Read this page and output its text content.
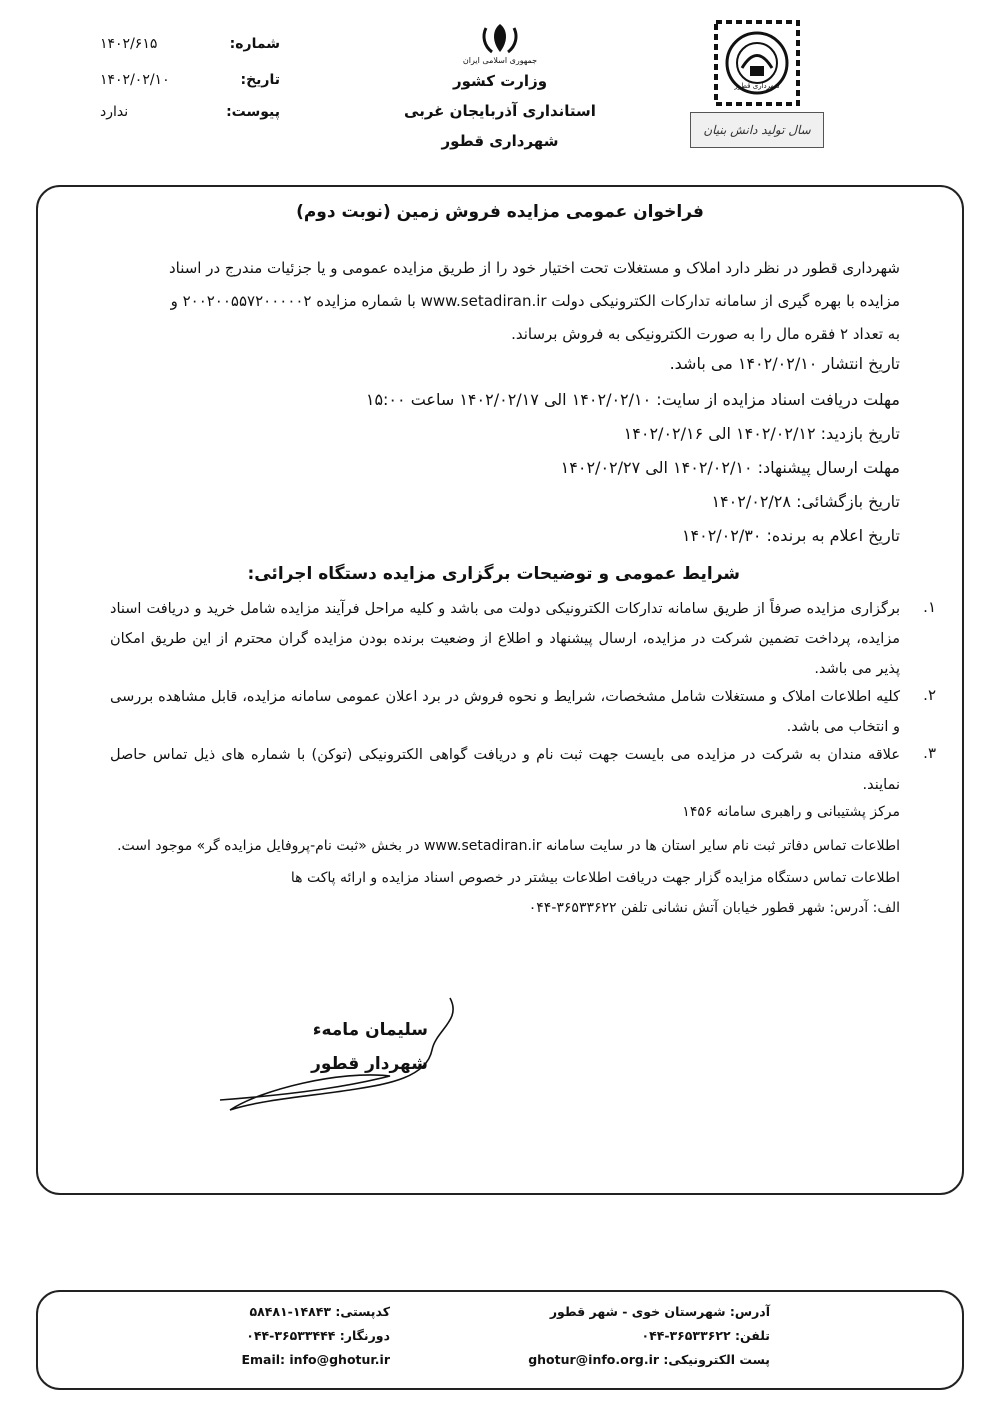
شهرداری قطور
سال تولید دانش بنیان
جمهوری اسلامی ایران
وزارت کشور
استانداری آذربایجان غربی
شهرداری قطور
شماره:
۱۴۰۲/۶۱۵
تاریخ:
۱۴۰۲/۰۲/۱۰
پیوست:
ندارد
فراخوان عمومی مزایده فروش زمین (نوبت دوم)
شهرداری قطور در نظر دارد املاک و مستغلات تحت اختیار خود را از طریق مزایده عمومی و یا جزئیات مندرج در اسناد
مزایده با بهره گیری از سامانه تدارکات الکترونیکی دولت www.setadiran.ir با شماره مزایده ۲۰۰۲۰۰۵۵۷۲۰۰۰۰۰۲ و
به تعداد ۲ فقره مال را به صورت الکترونیکی به فروش برساند.
تاریخ انتشار ۱۴۰۲/۰۲/۱۰ می باشد.
مهلت دریافت اسناد مزایده از سایت: ۱۴۰۲/۰۲/۱۰ الی ۱۴۰۲/۰۲/۱۷ ساعت ۱۵:۰۰
تاریخ بازدید: ۱۴۰۲/۰۲/۱۲ الی ۱۴۰۲/۰۲/۱۶
مهلت ارسال پیشنهاد: ۱۴۰۲/۰۲/۱۰ الی ۱۴۰۲/۰۲/۲۷
تاریخ بازگشائی: ۱۴۰۲/۰۲/۲۸
تاریخ اعلام به برنده: ۱۴۰۲/۰۲/۳۰
شرایط عمومی و توضیحات برگزاری مزایده دستگاه اجرائی:
۱.
برگزاری مزایده صرفاً از طریق سامانه تدارکات الکترونیکی دولت می باشد و کلیه مراحل فرآیند مزایده شامل خرید و دریافت اسناد مزایده، پرداخت تضمین شرکت در مزایده، ارسال پیشنهاد و اطلاع از وضعیت برنده بودن مزایده گران محترم از این طریق امکان پذیر می باشد.
۲.
کلیه اطلاعات املاک و مستغلات شامل مشخصات، شرایط و نحوه فروش در برد اعلان عمومی سامانه مزایده، قابل مشاهده بررسی و انتخاب می باشد.
۳.
علاقه مندان به شرکت در مزایده می بایست جهت ثبت نام و دریافت گواهی الکترونیکی (توکن) با شماره های ذیل تماس حاصل نمایند.
مرکز پشتیبانی و راهبری سامانه ۱۴۵۶
اطلاعات تماس دفاتر ثبت نام سایر استان ها در سایت سامانه www.setadiran.ir در بخش «ثبت نام-پروفایل مزایده گر» موجود است.
اطلاعات تماس دستگاه مزایده گزار جهت دریافت اطلاعات بیشتر در خصوص اسناد مزایده و ارائه پاکت ها
الف: آدرس: شهر قطور خیابان آتش نشانی تلفن ۳۶۵۳۳۶۲۲-۰۴۴
سلیمان مامه‌ء
شهردار قطور
آدرس: شهرستان خوی - شهر قطور
تلفن: ۳۶۵۳۳۶۲۲-۰۴۴
پست الکترونیکی: ghotur@info.org.ir
کدپستی: ۱۴۸۴۳-۵۸۴۸۱
دورنگار: ۳۶۵۳۳۴۴۴-۰۴۴
Email: info@ghotur.ir
